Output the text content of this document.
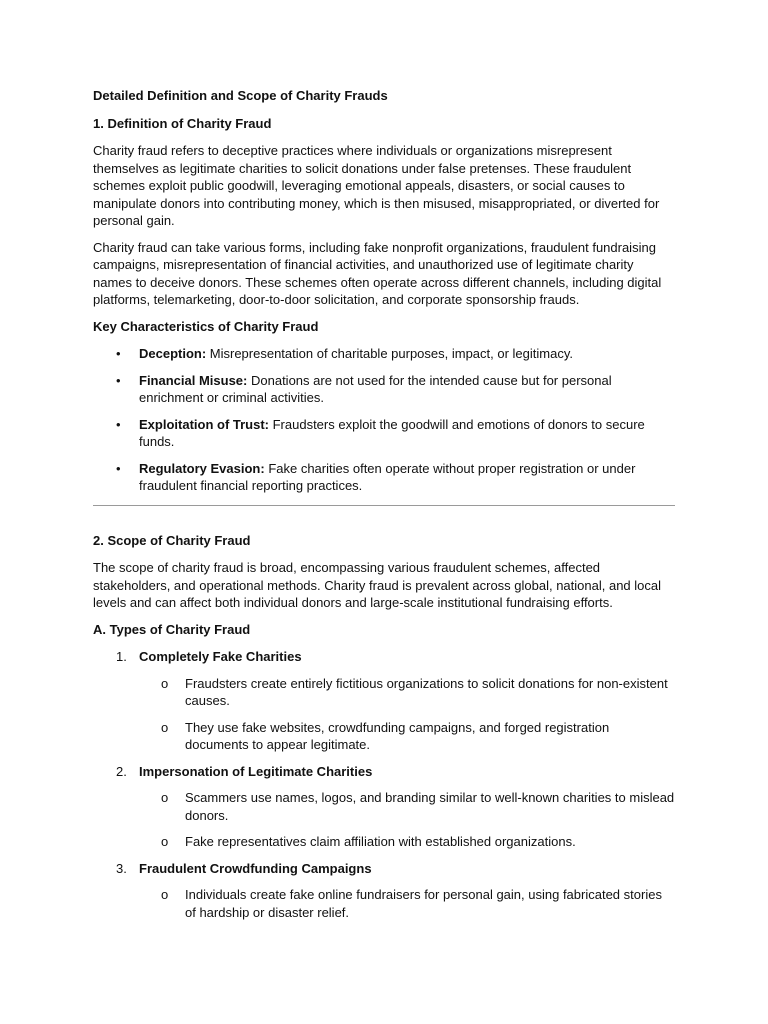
Detailed Definition and Scope of Charity Frauds
1. Definition of Charity Fraud

Charity fraud refers to deceptive practices where individuals or organizations misrepresent themselves as legitimate charities to solicit donations under false pretenses. These fraudulent schemes exploit public goodwill, leveraging emotional appeals, disasters, or social causes to manipulate donors into contributing money, which is then misused, misappropriated, or diverted for personal gain.

Charity fraud can take various forms, including fake nonprofit organizations, fraudulent fundraising campaigns, misrepresentation of financial activities, and unauthorized use of legitimate charity names to deceive donors. These schemes often operate across different channels, including digital platforms, telemarketing, door-to-door solicitation, and corporate sponsorship frauds.

Key Characteristics of Charity Fraud
• Deception: Misrepresentation of charitable purposes, impact, or legitimacy.
• Financial Misuse: Donations are not used for the intended cause but for personal enrichment or criminal activities.
• Exploitation of Trust: Fraudsters exploit the goodwill and emotions of donors to secure funds.
• Regulatory Evasion: Fake charities often operate without proper registration or under fraudulent financial reporting practices.
2. Scope of Charity Fraud

The scope of charity fraud is broad, encompassing various fraudulent schemes, affected stakeholders, and operational methods. Charity fraud is prevalent across global, national, and local levels and can affect both individual donors and large-scale institutional fundraising efforts.

A. Types of Charity Fraud
1. Completely Fake Charities
o Fraudsters create entirely fictitious organizations to solicit donations for non-existent causes.
o They use fake websites, crowdfunding campaigns, and forged registration documents to appear legitimate.
2. Impersonation of Legitimate Charities
o Scammers use names, logos, and branding similar to well-known charities to mislead donors.
o Fake representatives claim affiliation with established organizations.
3. Fraudulent Crowdfunding Campaigns
o Individuals create fake online fundraisers for personal gain, using fabricated stories of hardship or disaster relief.
